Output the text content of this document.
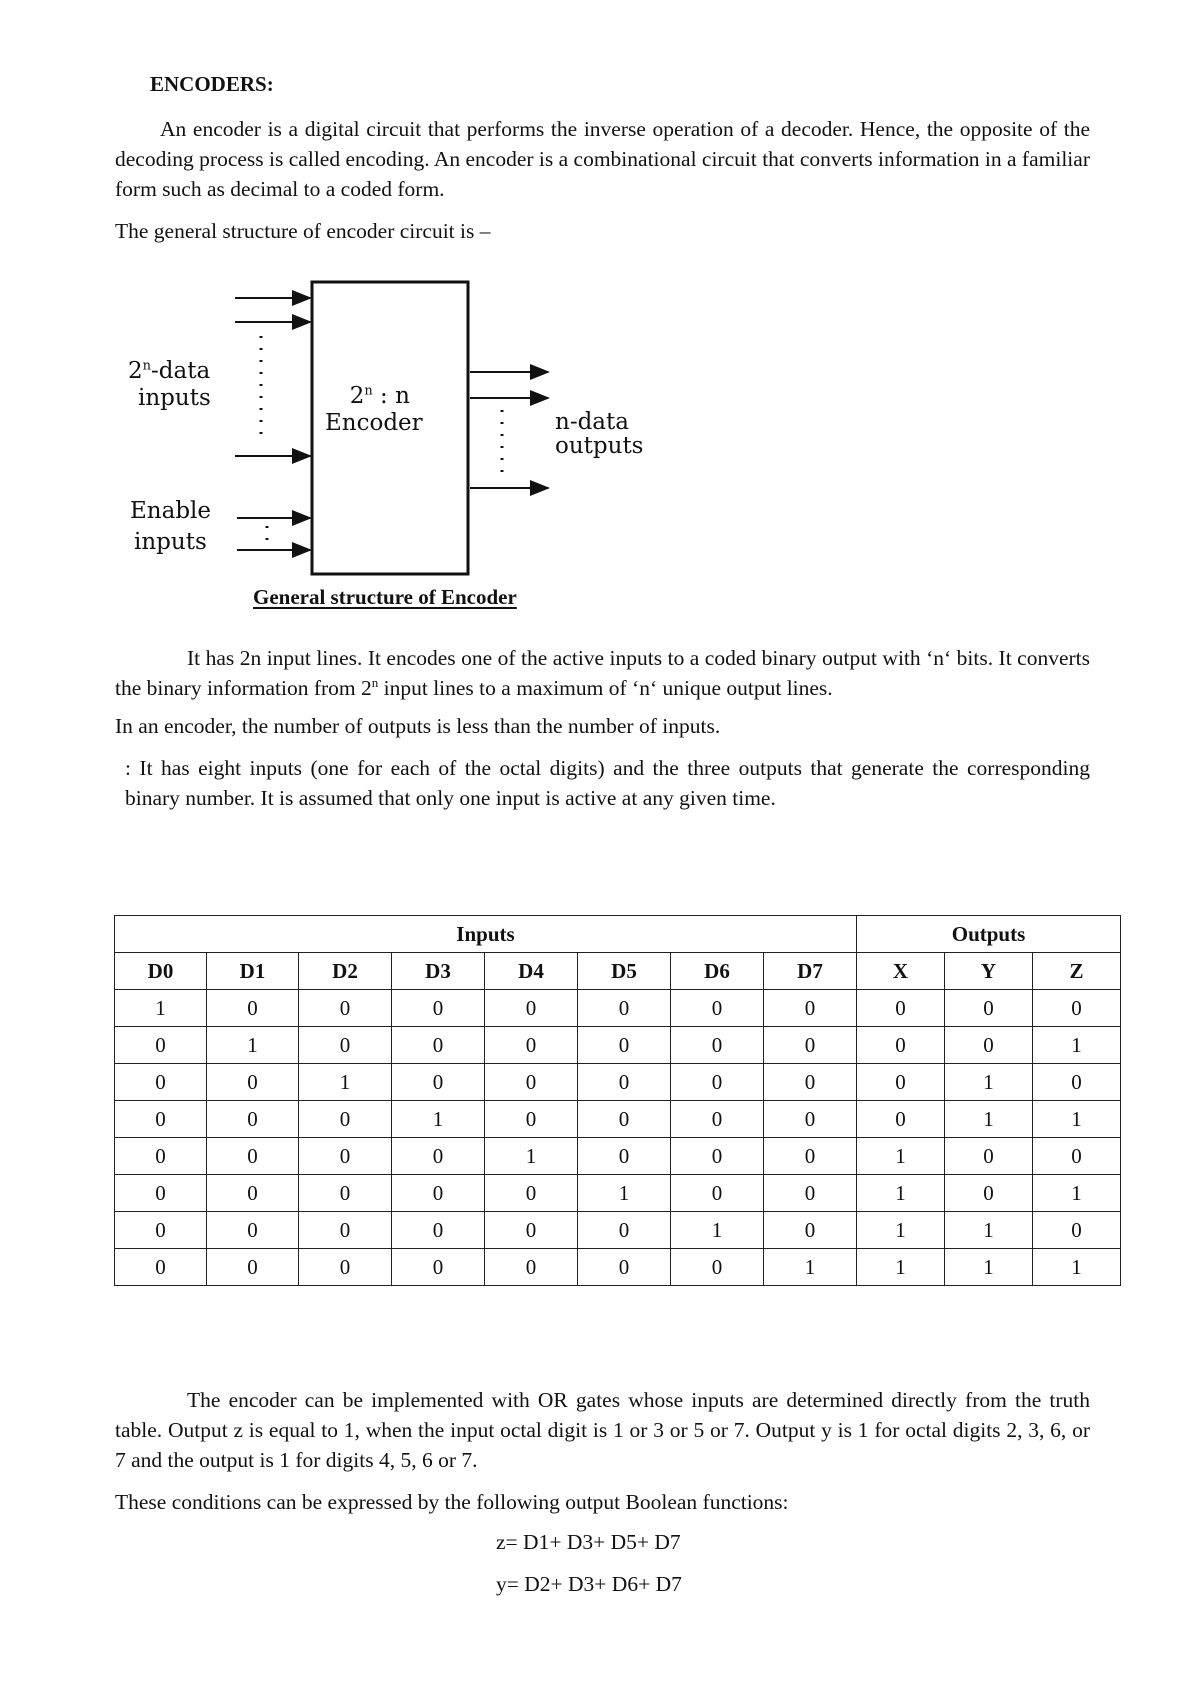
ENCODERS:

An encoder is a digital circuit that performs the inverse operation of a decoder. Hence, the opposite of the decoding process is called encoding. An encoder is a combinational circuit that converts information in a familiar form such as decimal to a coded form.

The general structure of encoder circuit is –

2$^n$-data
inputs	2$^n$ : n
Encoder	n-data
outputs
Enable
inputs
General structure of Encoder

It has 2n input lines. It encodes one of the active inputs to a coded binary output with ‘n‘ bits. It converts the binary information from 2$^n$ input lines to a maximum of ‘n‘ unique output lines.

In an encoder, the number of outputs is less than the number of inputs.

: It has eight inputs (one for each of the octal digits) and the three outputs that generate the corresponding binary number. It is assumed that only one input is active at any given time.

Inputs								Outputs		
D0	D1	D2	D3	D4	D5	D6	D7	X	Y	Z
1	0	0	0	0	0	0	0	0	0	0
0	1	0	0	0	0	0	0	0	0	1
0	0	1	0	0	0	0	0	0	1	0
0	0	0	1	0	0	0	0	0	1	1
0	0	0	0	1	0	0	0	1	0	0
0	0	0	0	0	1	0	0	1	0	1
0	0	0	0	0	0	1	0	1	1	0
0	0	0	0	0	0	0	1	1	1	1

The encoder can be implemented with OR gates whose inputs are determined directly from the truth table. Output z is equal to 1, when the input octal digit is 1 or 3 or 5 or 7. Output y is 1 for octal digits 2, 3, 6, or 7 and the output is 1 for digits 4, 5, 6 or 7.

These conditions can be expressed by the following output Boolean functions:

z= D1+ D3+ D5+ D7
y= D2+ D3+ D6+ D7
